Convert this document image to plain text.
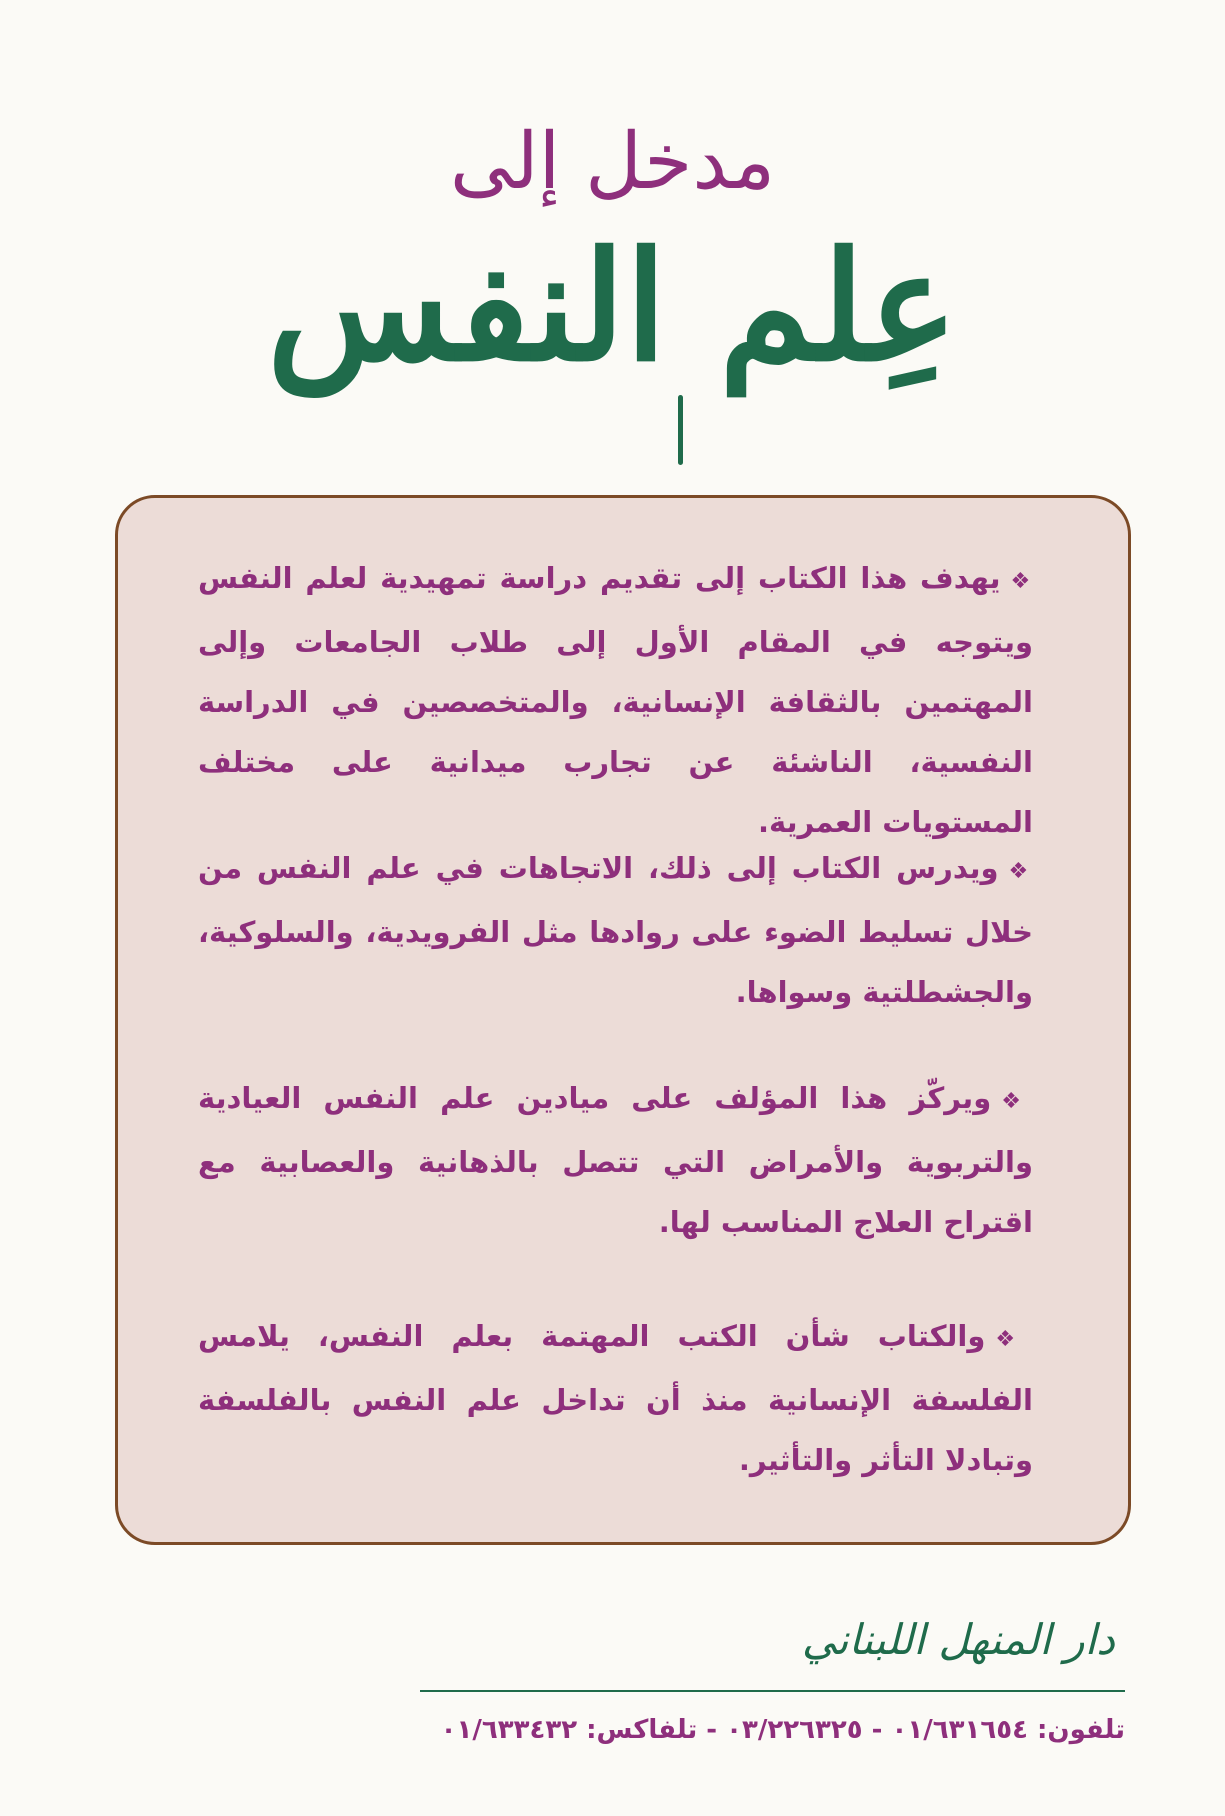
مدخل إلى
عِلم النفس
❖يهدف هذا الكتاب إلى تقديم دراسة تمهيدية لعلم النفس ويتوجه في المقام الأول إلى طلاب الجامعات وإلى المهتمين بالثقافة الإنسانية، والمتخصصين في الدراسة النفسية، الناشئة عن تجارب ميدانية على مختلف المستويات العمرية.
❖ويدرس الكتاب إلى ذلك، الاتجاهات في علم النفس من خلال تسليط الضوء على روادها مثل الفرويدية، والسلوكية، والجشطلتية وسواها.
❖ويركّز هذا المؤلف على ميادين علم النفس العيادية والتربوية والأمراض التي تتصل بالذهانية والعصابية مع اقتراح العلاج المناسب لها.
❖والكتاب شأن الكتب المهتمة بعلم النفس، يلامس الفلسفة الإنسانية منذ أن تداخل علم النفس بالفلسفة وتبادلا التأثر والتأثير.
دار المنهل اللبناني
تلفون: ٠١/٦٣١٦٥٤ - ٠٣/٢٢٦٣٢٥ - تلفاكس: ٠١/٦٣٣٤٣٢
